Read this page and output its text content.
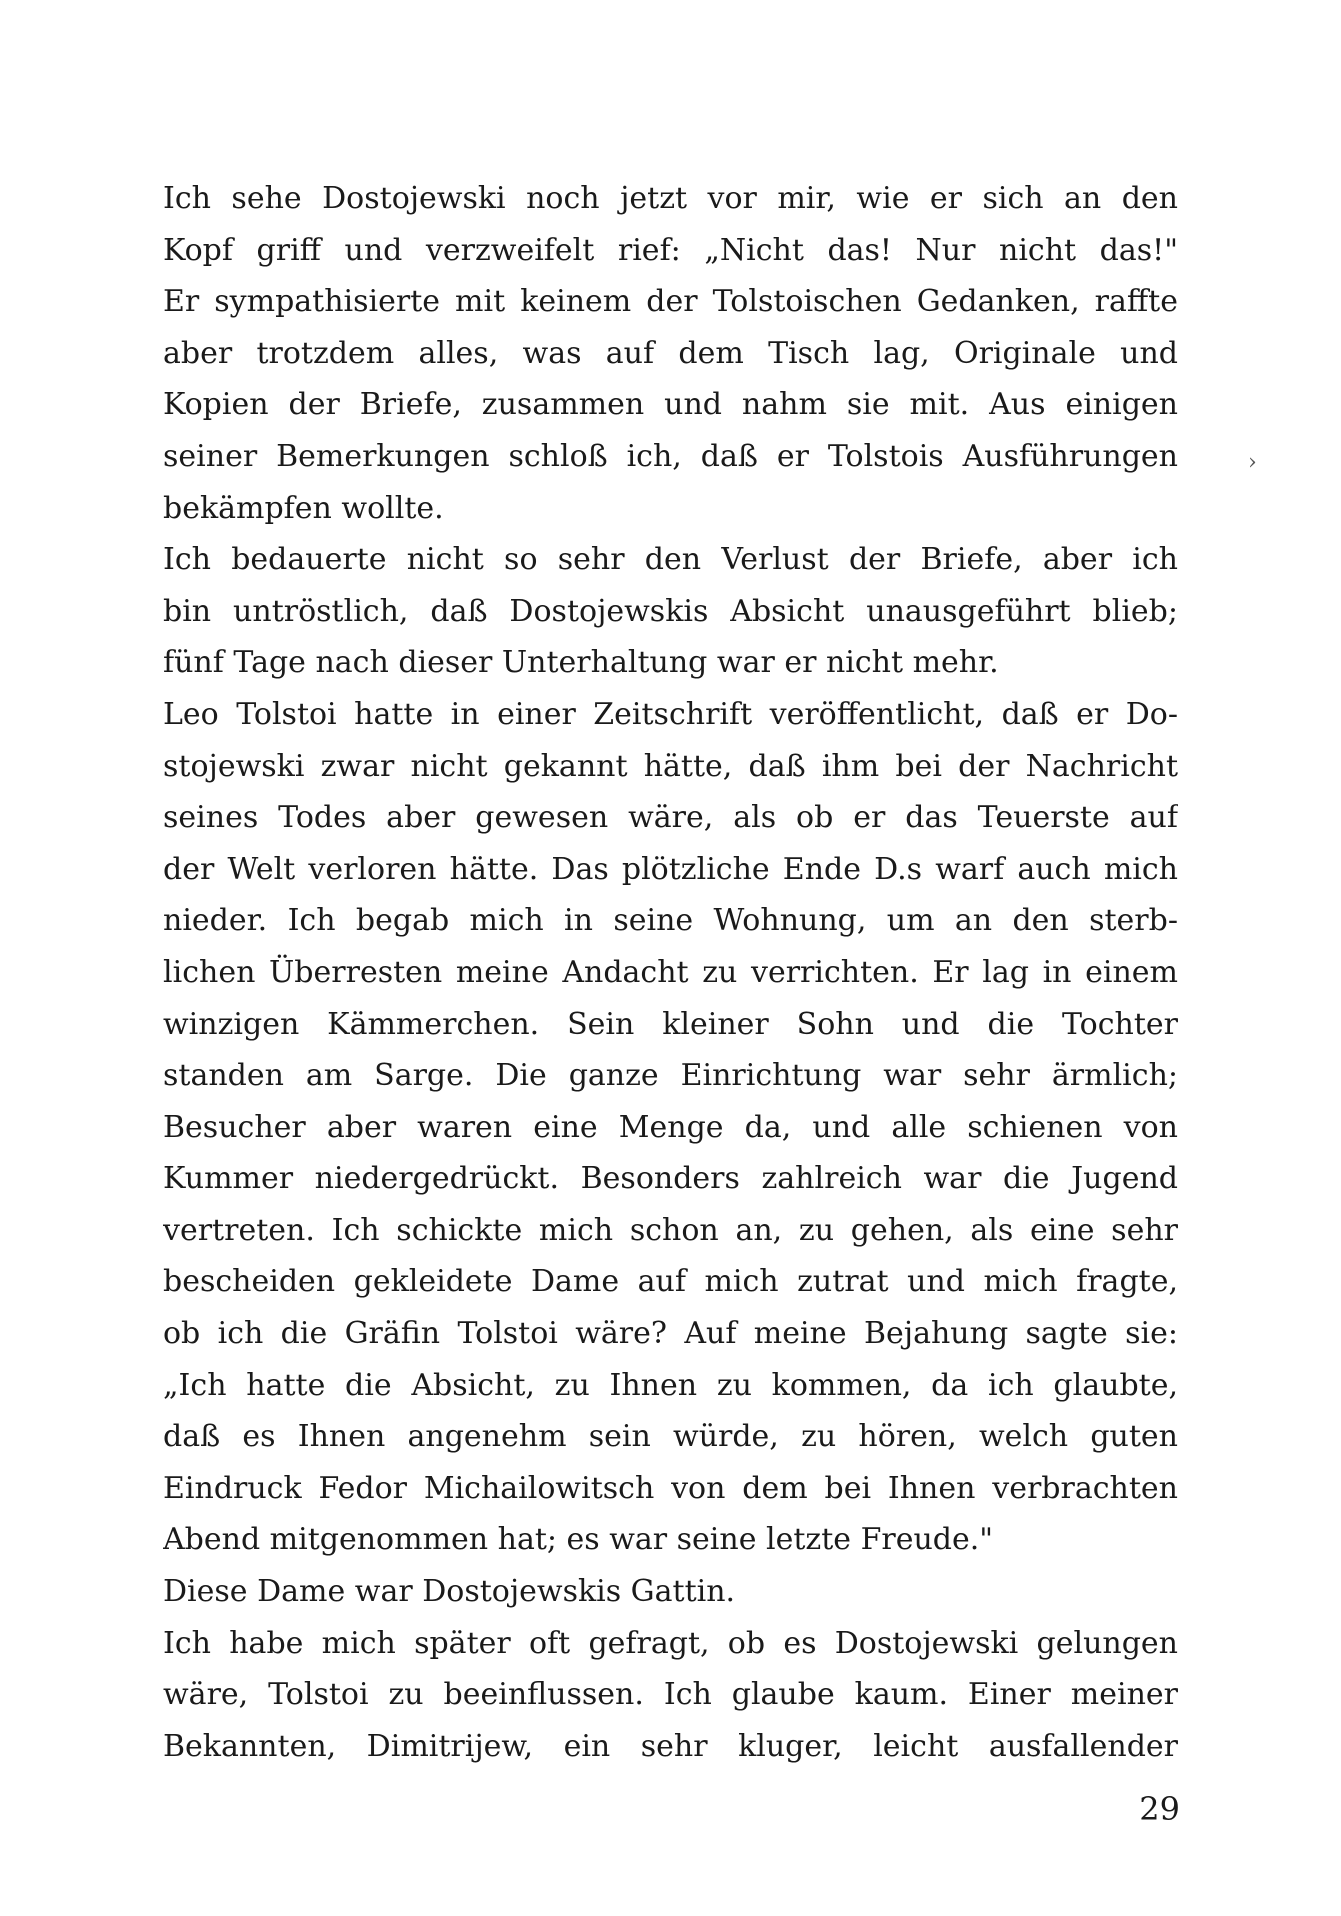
Ich sehe Dostojewski noch jetzt vor mir, wie er sich an den
Kopf griff und verzweifelt rief: „Nicht das! Nur nicht das!"
Er sympathisierte mit keinem der Tolstoischen Gedanken, raffte
aber trotzdem alles, was auf dem Tisch lag, Originale und
Kopien der Briefe, zusammen und nahm sie mit. Aus einigen
seiner Bemerkungen schloß ich, daß er Tolstois Ausführungen
bekämpfen wollte.
Ich bedauerte nicht so sehr den Verlust der Briefe, aber ich
bin untröstlich, daß Dostojewskis Absicht unausgeführt blieb;
fünf Tage nach dieser Unterhaltung war er nicht mehr.
Leo Tolstoi hatte in einer Zeitschrift veröffentlicht, daß er Do-
stojewski zwar nicht gekannt hätte, daß ihm bei der Nachricht
seines Todes aber gewesen wäre, als ob er das Teuerste auf
der Welt verloren hätte. Das plötzliche Ende D.s warf auch mich
nieder. Ich begab mich in seine Wohnung, um an den sterb-
lichen Überresten meine Andacht zu verrichten. Er lag in einem
winzigen Kämmerchen. Sein kleiner Sohn und die Tochter
standen am Sarge. Die ganze Einrichtung war sehr ärmlich;
Besucher aber waren eine Menge da, und alle schienen von
Kummer niedergedrückt. Besonders zahlreich war die Jugend
vertreten. Ich schickte mich schon an, zu gehen, als eine sehr
bescheiden gekleidete Dame auf mich zutrat und mich fragte,
ob ich die Gräfin Tolstoi wäre? Auf meine Bejahung sagte sie:
„Ich hatte die Absicht, zu Ihnen zu kommen, da ich glaubte,
daß es Ihnen angenehm sein würde, zu hören, welch guten
Eindruck Fedor Michailowitsch von dem bei Ihnen verbrachten
Abend mitgenommen hat; es war seine letzte Freude."
Diese Dame war Dostojewskis Gattin.
Ich habe mich später oft gefragt, ob es Dostojewski gelungen
wäre, Tolstoi zu beeinflussen. Ich glaube kaum. Einer meiner
Bekannten, Dimitrijew, ein sehr kluger, leicht ausfallender
›
29
